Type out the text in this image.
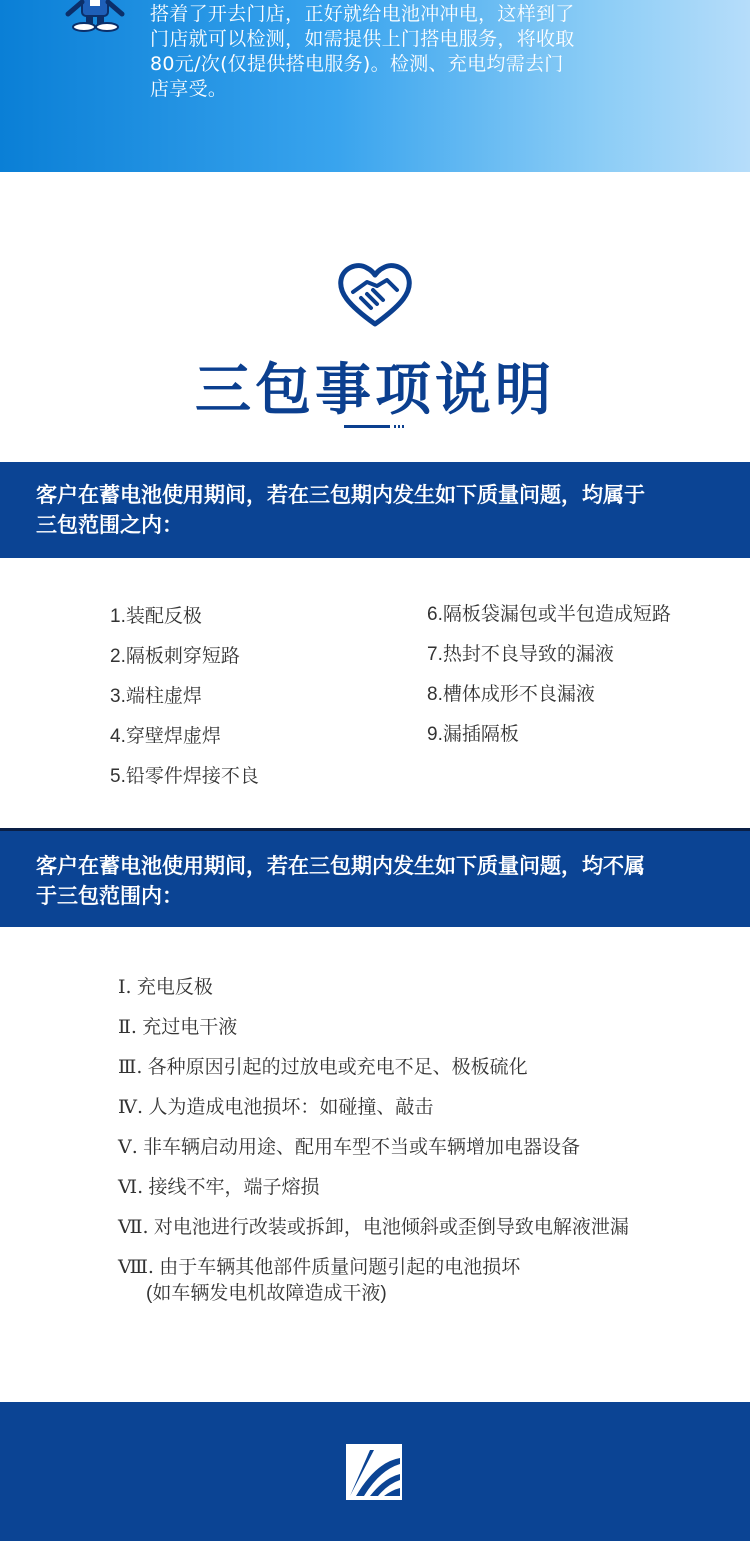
搭着了开去门店，正好就给电池冲冲电，这样到了
门店就可以检测，如需提供上门搭电服务，将收取
80元/次(仅提供搭电服务)。检测、充电均需去门
店享受。
三包事项说明
客户在蓄电池使用期间，若在三包期内发生如下质量问题，均属于
三包范围之内：
1.装配反极
2.隔板刺穿短路
3.端柱虚焊
4.穿壁焊虚焊
5.铅零件焊接不良
6.隔板袋漏包或半包造成短路
7.热封不良导致的漏液
8.槽体成形不良漏液
9.漏插隔板
客户在蓄电池使用期间，若在三包期内发生如下质量问题，均不属
于三包范围内：
Ⅰ. 充电反极
Ⅱ. 充过电干液
Ⅲ. 各种原因引起的过放电或充电不足、极板硫化
Ⅳ. 人为造成电池损坏：如碰撞、敲击
Ⅴ. 非车辆启动用途、配用车型不当或车辆增加电器设备
Ⅵ. 接线不牢，端子熔损
Ⅶ. 对电池进行改装或拆卸，电池倾斜或歪倒导致电解液泄漏
Ⅷ. 由于车辆其他部件质量问题引起的电池损坏
(如车辆发电机故障造成干液)
